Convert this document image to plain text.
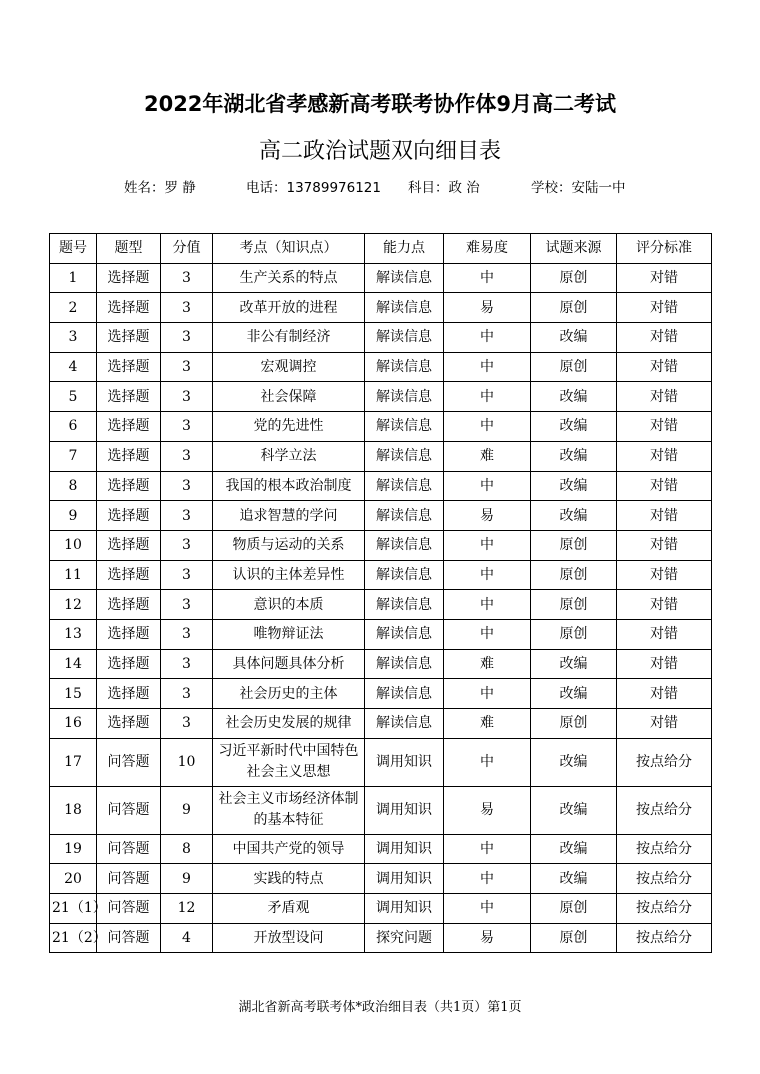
2022年湖北省孝感新高考联考协作体9月高二考试
高二政治试题双向细目表
姓名：罗 静	电话：13789976121 科目：政 治	学校：安陆一中
题号	题型	分值	考点（知识点）	能力点	难易度	试题来源	评分标准
1	选择题	3	生产关系的特点	解读信息	中	原创	对错
2	选择题	3	改革开放的进程	解读信息	易	原创	对错
3	选择题	3	非公有制经济	解读信息	中	改编	对错
4	选择题	3	宏观调控	解读信息	中	原创	对错
5	选择题	3	社会保障	解读信息	中	改编	对错
6	选择题	3	党的先进性	解读信息	中	改编	对错
7	选择题	3	科学立法	解读信息	难	改编	对错
8	选择题	3	我国的根本政治制度	解读信息	中	改编	对错
9	选择题	3	追求智慧的学问	解读信息	易	改编	对错
10	选择题	3	物质与运动的关系	解读信息	中	原创	对错
11	选择题	3	认识的主体差异性	解读信息	中	原创	对错
12	选择题	3	意识的本质	解读信息	中	原创	对错
13	选择题	3	唯物辩证法	解读信息	中	原创	对错
14	选择题	3	具体问题具体分析	解读信息	难	改编	对错
15	选择题	3	社会历史的主体	解读信息	中	改编	对错
16	选择题	3	社会历史发展的规律	解读信息	难	原创	对错
17	问答题	10	习近平新时代中国特色社会主义思想	调用知识	中	改编	按点给分
18	问答题	9	社会主义市场经济体制的基本特征	调用知识	易	改编	按点给分
19	问答题	8	中国共产党的领导	调用知识	中	改编	按点给分
20	问答题	9	实践的特点	调用知识	中	改编	按点给分
21（1）	问答题	12	矛盾观	调用知识	中	原创	按点给分
21（2）	问答题	4	开放型设问	探究问题	易	原创	按点给分
湖北省新高考联考体*政治细目表（共1页）第1页
